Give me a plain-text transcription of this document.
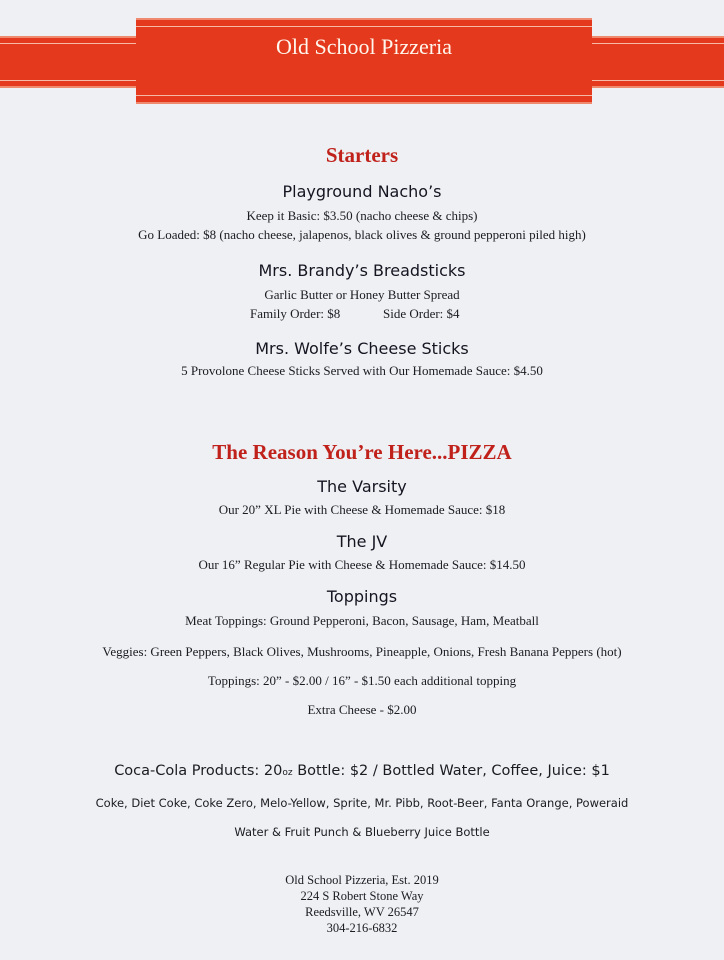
Old School Pizzeria
Starters
Playground Nacho’s
Keep it Basic: $3.50 (nacho cheese & chips)
Go Loaded: $8 (nacho cheese, jalapenos, black olives & ground pepperoni piled high)
Mrs. Brandy’s Breadsticks
Garlic Butter or Honey Butter Spread
Family Order: $8	Side Order: $4
Mrs. Wolfe’s Cheese Sticks
5 Provolone Cheese Sticks Served with Our Homemade Sauce: $4.50
The Reason You’re Here...PIZZA
The Varsity
Our 20” XL Pie with Cheese & Homemade Sauce: $18
The JV
Our 16” Regular Pie with Cheese & Homemade Sauce: $14.50
Toppings
Meat Toppings: Ground Pepperoni, Bacon, Sausage, Ham, Meatball
Veggies: Green Peppers, Black Olives, Mushrooms, Pineapple, Onions, Fresh Banana Peppers (hot)
Toppings: 20” - $2.00 / 16” - $1.50 each additional topping
Extra Cheese - $2.00
Coca-Cola Products: 20oz Bottle: $2 / Bottled Water, Coffee, Juice: $1
Coke, Diet Coke, Coke Zero, Melo-Yellow, Sprite, Mr. Pibb, Root-Beer, Fanta Orange, Poweraid
Water & Fruit Punch & Blueberry Juice Bottle
Old School Pizzeria, Est. 2019
224 S Robert Stone Way
Reedsville, WV 26547
304-216-6832
